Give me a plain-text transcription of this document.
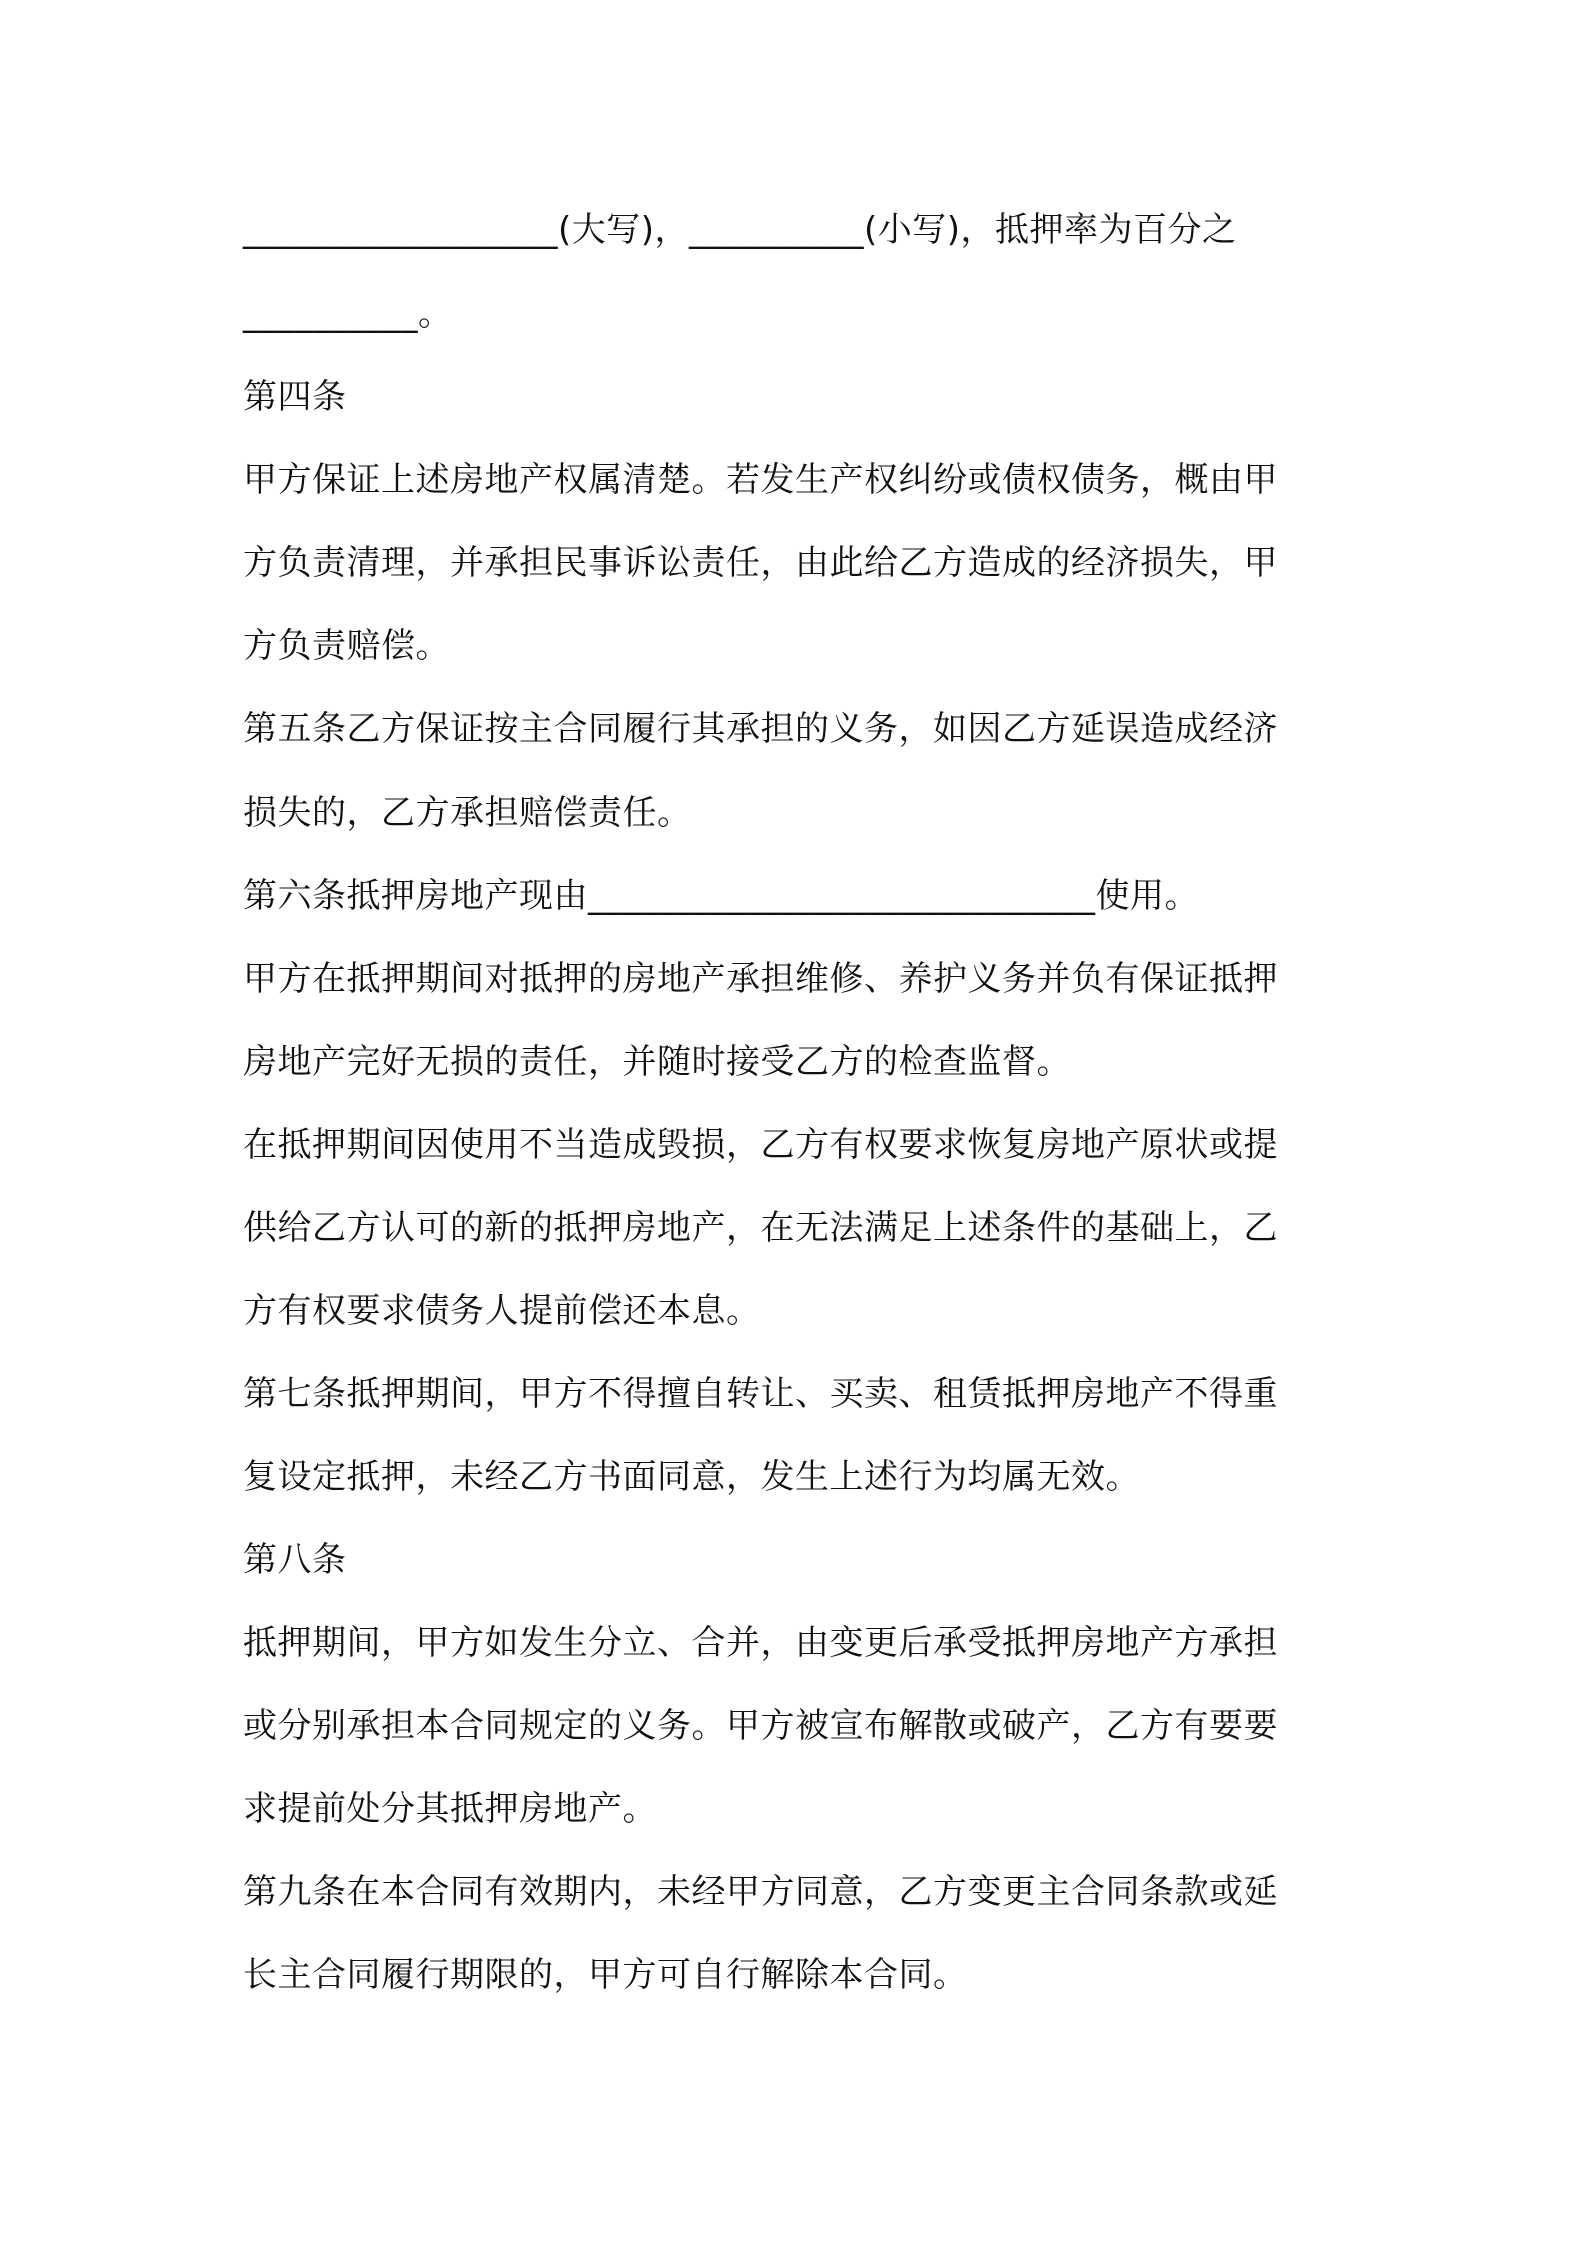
__________________(大写)，__________(小写)，抵押率为百分之
__________。
第四条
甲方保证上述房地产权属清楚。若发生产权纠纷或债权债务，概由甲
方负责清理，并承担民事诉讼责任，由此给乙方造成的经济损失，甲
方负责赔偿。
第五条乙方保证按主合同履行其承担的义务，如因乙方延误造成经济
损失的，乙方承担赔偿责任。
第六条抵押房地产现由_____________________________使用。
甲方在抵押期间对抵押的房地产承担维修、养护义务并负有保证抵押
房地产完好无损的责任，并随时接受乙方的检查监督。
在抵押期间因使用不当造成毁损，乙方有权要求恢复房地产原状或提
供给乙方认可的新的抵押房地产，在无法满足上述条件的基础上，乙
方有权要求债务人提前偿还本息。
第七条抵押期间，甲方不得擅自转让、买卖、租赁抵押房地产不得重
复设定抵押，未经乙方书面同意，发生上述行为均属无效。
第八条
抵押期间，甲方如发生分立、合并，由变更后承受抵押房地产方承担
或分别承担本合同规定的义务。甲方被宣布解散或破产，乙方有要要
求提前处分其抵押房地产。
第九条在本合同有效期内，未经甲方同意，乙方变更主合同条款或延
长主合同履行期限的，甲方可自行解除本合同。
